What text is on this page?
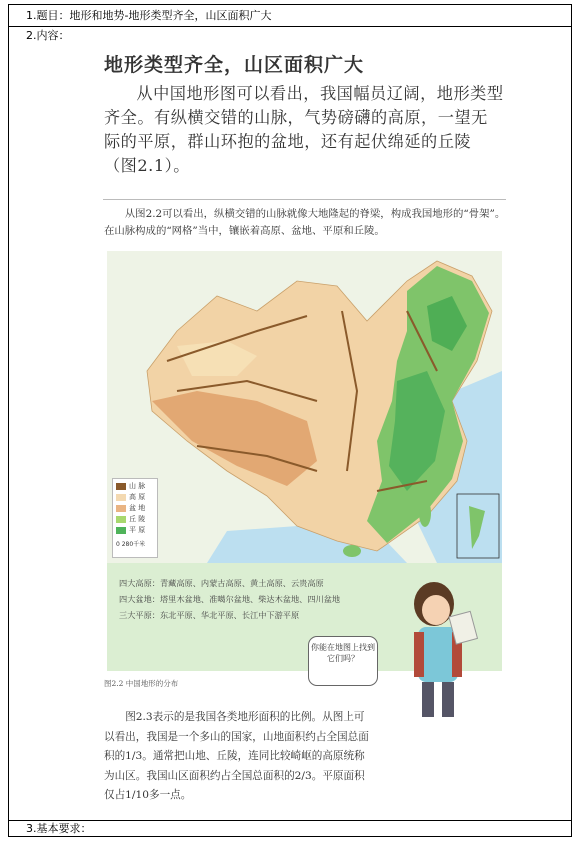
1.题目：地形和地势-地形类型齐全，山区面积广大
2.内容：
3.基本要求：
地形类型齐全，山区面积广大
从中国地形图可以看出，我国幅员辽阔，地形类型齐全。有纵横交错的山脉，气势磅礴的高原，一望无际的平原，群山环抱的盆地，还有起伏绵延的丘陵（图2.1）。
从图2.2可以看出，纵横交错的山脉就像大地隆起的脊梁，构成我国地形的“骨架”。在山脉构成的“网格”当中，镶嵌着高原、盆地、平原和丘陵。
山 脉
高 原
盆 地
丘 陵
平 原
0 280千米
四大高原：青藏高原、内蒙古高原、黄土高原、云贵高原
四大盆地：塔里木盆地、准噶尔盆地、柴达木盆地、四川盆地
三大平原：东北平原、华北平原、长江中下游平原
你能在地图上找到它们吗？
图2.2 中国地形的分布
图2.3表示的是我国各类地形面积的比例。从图上可以看出，我国是一个多山的国家，山地面积约占全国总面积的1/3。通常把山地、丘陵，连同比较崎岖的高原统称为山区。我国山区面积约占全国总面积的2/3。平原面积仅占1/10多一点。
